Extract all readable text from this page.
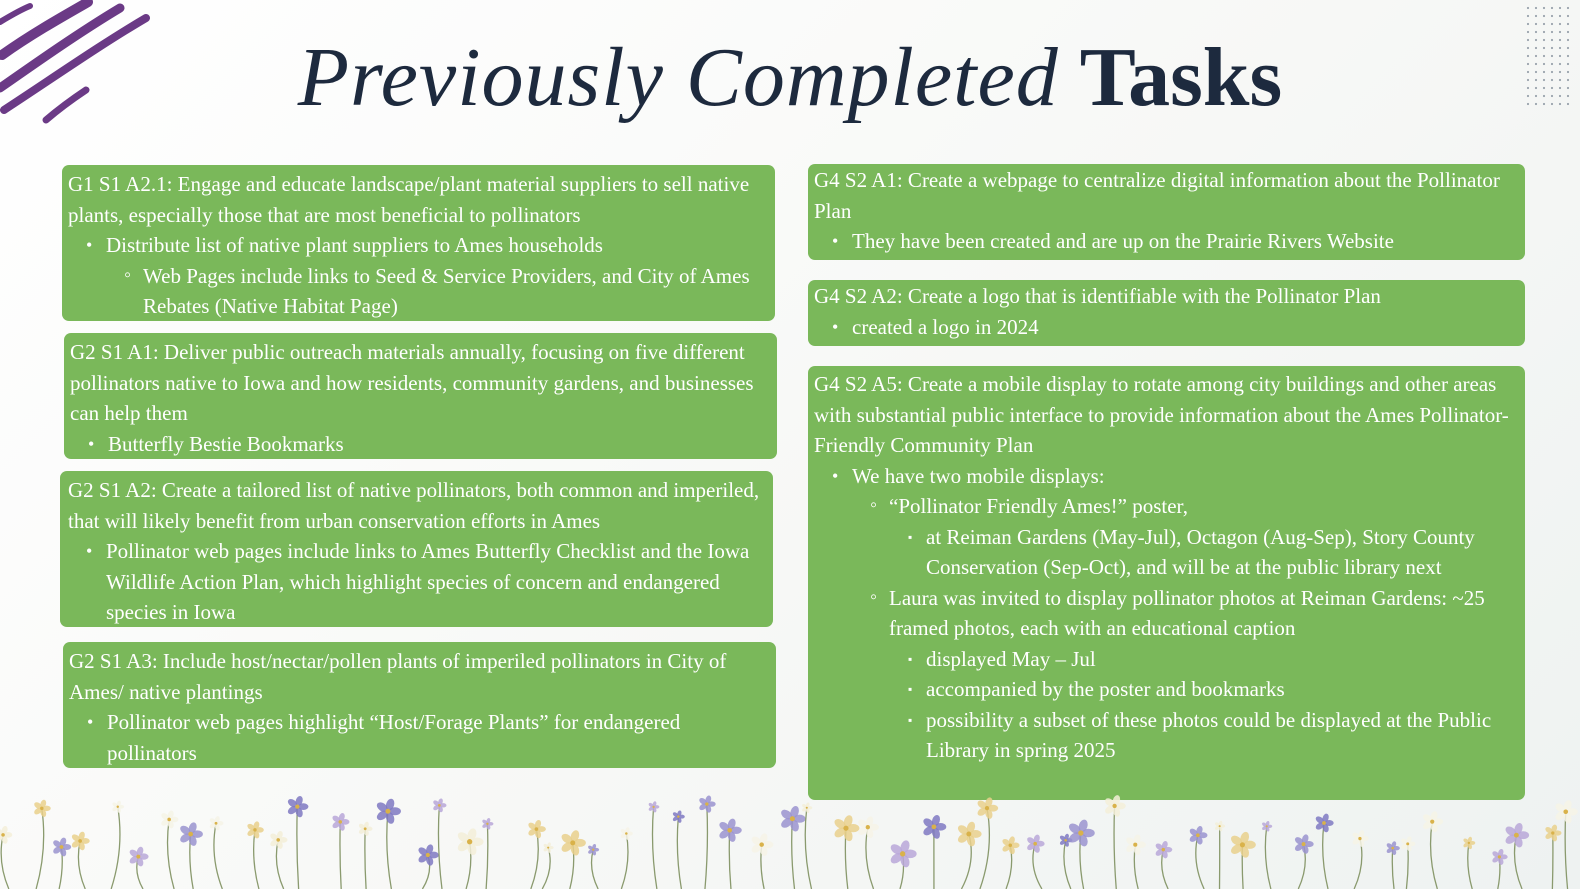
Previously Completed Tasks
G1 S1 A2.1: Engage and educate landscape/plant material suppliers to sell native plants, especially those that are most beneficial to pollinators
• Distribute list of native plant suppliers to Ames households
◦ Web Pages include links to Seed & Service Providers, and City of Ames Rebates (Native Habitat Page)
G2 S1 A1: Deliver public outreach materials annually, focusing on five different pollinators native to Iowa and how residents, community gardens, and businesses can help them
• Butterfly Bestie Bookmarks
G2 S1 A2: Create a tailored list of native pollinators, both common and imperiled, that will likely benefit from urban conservation efforts in Ames
• Pollinator web pages include links to Ames Butterfly Checklist and the Iowa Wildlife Action Plan, which highlight species of concern and endangered species in Iowa
G2 S1 A3: Include host/nectar/pollen plants of imperiled pollinators in City of Ames/ native plantings
• Pollinator web pages highlight “Host/Forage Plants” for endangered pollinators
G4 S2 A1: Create a webpage to centralize digital information about the Pollinator Plan
• They have been created and are up on the Prairie Rivers Website
G4 S2 A2: Create a logo that is identifiable with the Pollinator Plan
• created a logo in 2024
G4 S2 A5: Create a mobile display to rotate among city buildings and other areas with substantial public interface to provide information about the Ames Pollinator-Friendly Community Plan
• We have two mobile displays:
◦ “Pollinator Friendly Ames!” poster,
▪ at Reiman Gardens (May-Jul), Octagon (Aug-Sep), Story County Conservation (Sep-Oct), and will be at the public library next
◦ Laura was invited to display pollinator photos at Reiman Gardens: ~25 framed photos, each with an educational caption
▪ displayed May – Jul
▪ accompanied by the poster and bookmarks
▪ possibility a subset of these photos could be displayed at the Public Library in spring 2025
